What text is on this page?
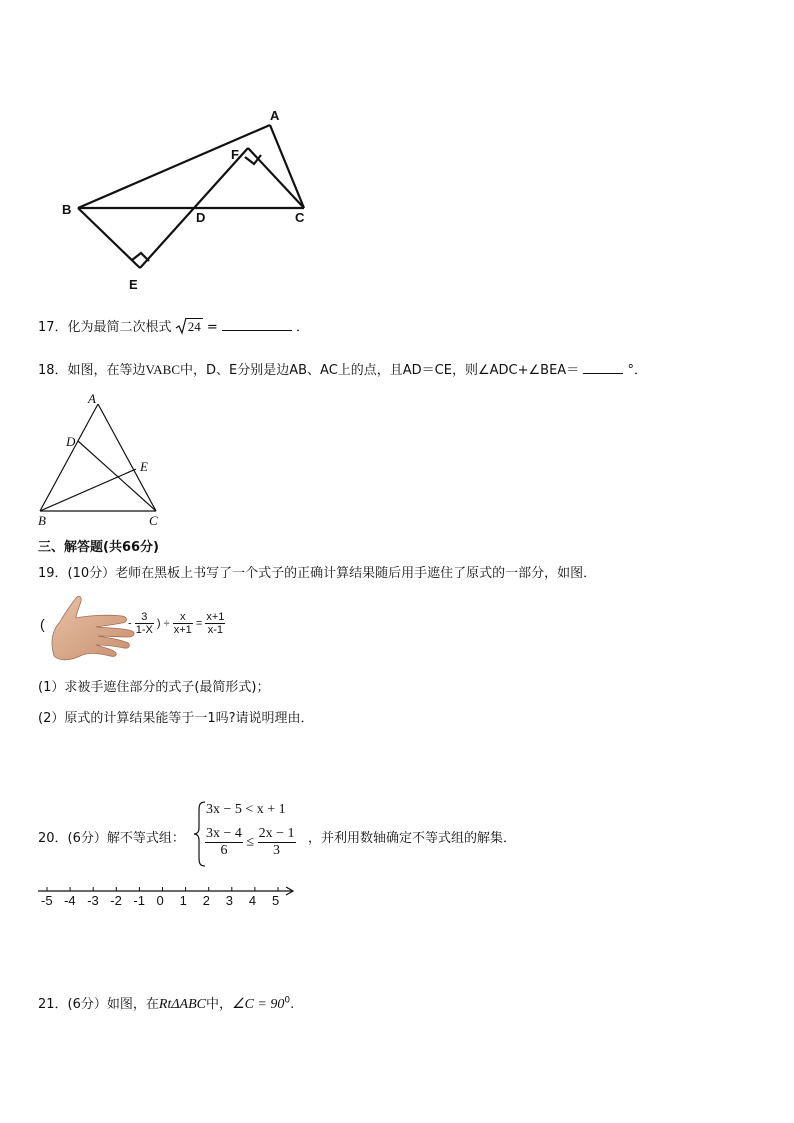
A
F
B
D	C
E
17．化为最简二次根式 24 =	．
18．如图，在等边VABC中，D、E分别是边AB、AC上的点，且AD＝CE，则∠ADC+∠BEA＝	°．
A
D
E
B	C
三、解答题(共66分)
19．(10分）老师在黑板上书写了一个式子的正确计算结果随后用手遮住了原式的一部分，如图．
(	- $\frac{3}{1-X}$ ) ÷ $\frac{x}{x+1} = \frac{x+1}{x-1}$
(1）求被手遮住部分的式子(最简形式)；
(2）原式的计算结果能等于一1吗?请说明理由．
20．(6分）解不等式组：
3x − 5 < x + 1
$\frac{3x - 4}{6} \le \frac{2x - 1}{3}$ ，并利用数轴确定不等式组的解集．
-5 -4 -3 -2 -1 0 1 2 3 4 5
21．(6分）如图，在RtΔABC中，∠C = $90^0$.
